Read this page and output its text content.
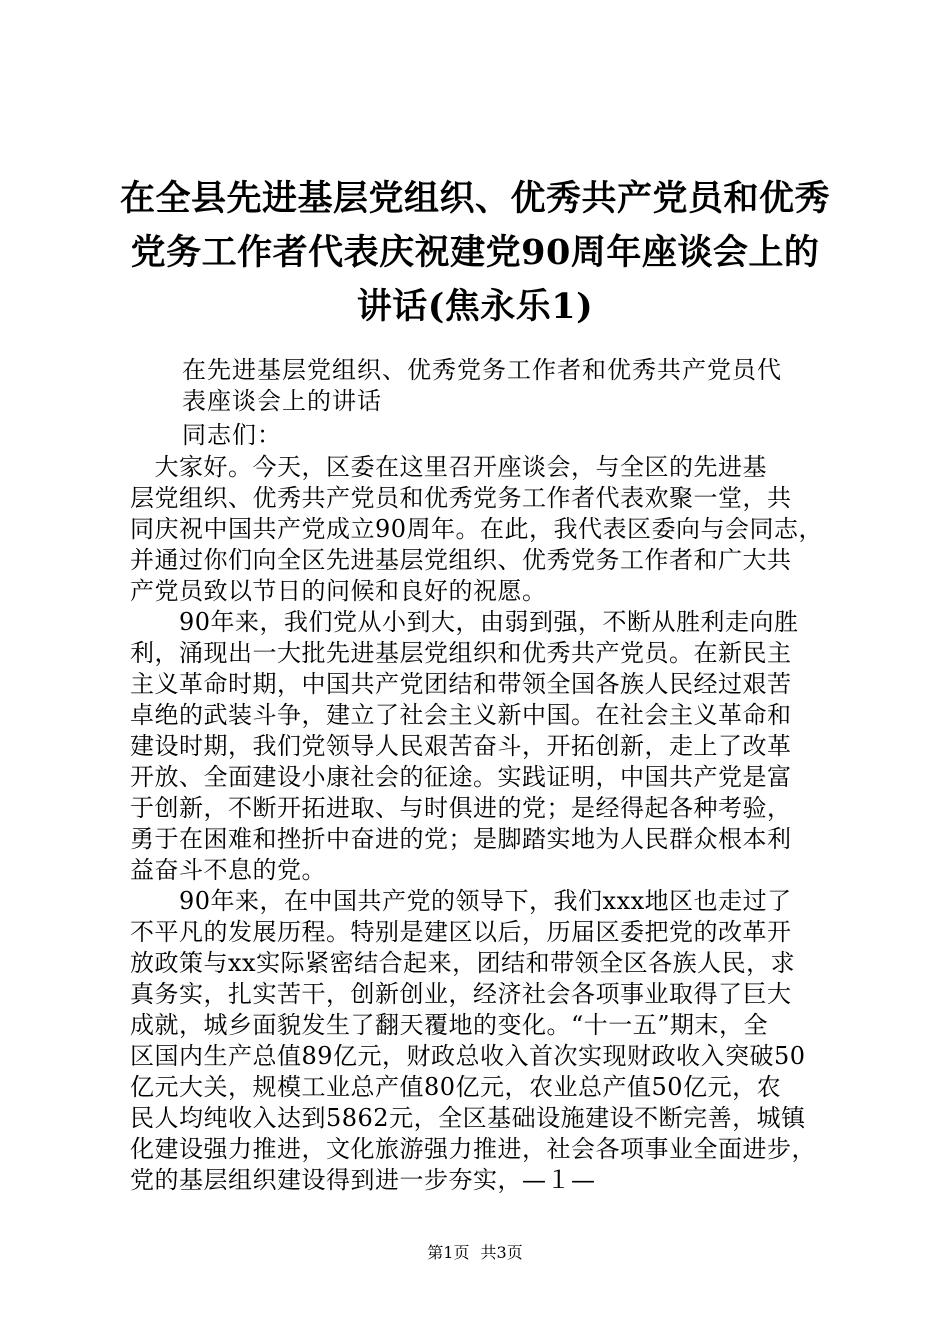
在全县先进基层党组织、优秀共产党员和优秀
党务工作者代表庆祝建党90周年座谈会上的
讲话(焦永乐1)
在先进基层党组织、优秀党务工作者和优秀共产党员代
表座谈会上的讲话
同志们：
　大家好。今天，区委在这里召开座谈会，与全区的先进基
层党组织、优秀共产党员和优秀党务工作者代表欢聚一堂，共
同庆祝中国共产党成立90周年。在此，我代表区委向与会同志，
并通过你们向全区先进基层党组织、优秀党务工作者和广大共
产党员致以节日的问候和良好的祝愿。
　　90年来，我们党从小到大，由弱到强，不断从胜利走向胜
利，涌现出一大批先进基层党组织和优秀共产党员。在新民主
主义革命时期，中国共产党团结和带领全国各族人民经过艰苦
卓绝的武装斗争，建立了社会主义新中国。在社会主义革命和
建设时期，我们党领导人民艰苦奋斗，开拓创新，走上了改革
开放、全面建设小康社会的征途。实践证明，中国共产党是富
于创新，不断开拓进取、与时俱进的党；是经得起各种考验，
勇于在困难和挫折中奋进的党；是脚踏实地为人民群众根本利
益奋斗不息的党。
　　90年来，在中国共产党的领导下，我们xxx地区也走过了
不平凡的发展历程。特别是建区以后，历届区委把党的改革开
放政策与xx实际紧密结合起来，团结和带领全区各族人民，求
真务实，扎实苦干，创新创业，经济社会各项事业取得了巨大
成就，城乡面貌发生了翻天覆地的变化。“十一五”期末，全
区国内生产总值89亿元，财政总收入首次实现财政收入突破50
亿元大关，规模工业总产值80亿元，农业总产值50亿元，农
民人均纯收入达到5862元，全区基础设施建设不断完善，城镇
化建设强力推进，文化旅游强力推进，社会各项事业全面进步，
党的基层组织建设得到进一步夯实，—１—
第1页 共3页
